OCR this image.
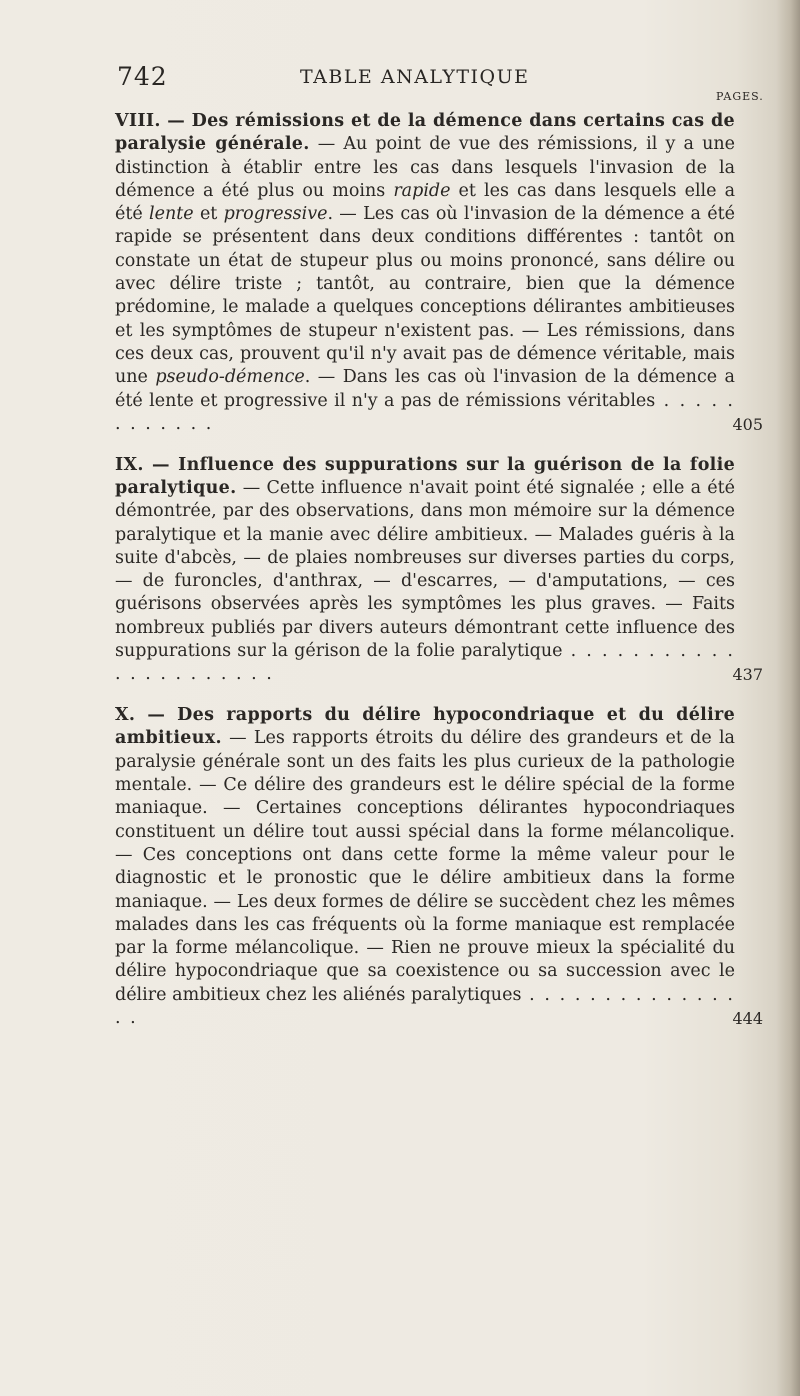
742	TABLE ANALYTIQUE
PAGES.

VIII. — Des rémissions et de la démence dans certains cas de paralysie générale. — Au point de vue des rémissions, il y a une distinction à établir entre les cas dans lesquels l'invasion de la démence a été plus ou moins rapide et les cas dans lesquels elle a été lente et progressive. — Les cas où l'invasion de la démence a été rapide se présentent dans deux conditions différentes : tantôt on constate un état de stupeur plus ou moins prononcé, sans délire ou avec délire triste ; tantôt, au contraire, bien que la démence prédomine, le malade a quelques conceptions délirantes ambitieuses et les symptômes de stupeur n'existent pas. — Les rémissions, dans ces deux cas, prouvent qu'il n'y avait pas de démence véritable, mais une pseudo-démence. — Dans les cas où l'invasion de la démence a été lente et progressive il n'y a pas de rémissions véritables . . . . . . . . . . . .	405

IX. — Influence des suppurations sur la guérison de la folie paralytique. — Cette influence n'avait point été signalée ; elle a été démontrée, par des observations, dans mon mémoire sur la démence paralytique et la manie avec délire ambitieux. — Malades guéris à la suite d'abcès, — de plaies nombreuses sur diverses parties du corps, — de furoncles, d'anthrax, — d'escarres, — d'amputations, — ces guérisons observées après les symptômes les plus graves. — Faits nombreux publiés par divers auteurs démontrant cette influence des suppurations sur la gérison de la folie paralytique . . . . . . . . . . . . . . . . . . . . . .	437

X. — Des rapports du délire hypocondriaque et du délire ambitieux. — Les rapports étroits du délire des grandeurs et de la paralysie générale sont un des faits les plus curieux de la pathologie mentale. — Ce délire des grandeurs est le délire spécial de la forme maniaque. — Certaines conceptions délirantes hypocondriaques constituent un délire tout aussi spécial dans la forme mélancolique. — Ces conceptions ont dans cette forme la même valeur pour le diagnostic et le pronostic que le délire ambitieux dans la forme maniaque. — Les deux formes de délire se succèdent chez les mêmes malades dans les cas fréquents où la forme maniaque est remplacée par la forme mélancolique. — Rien ne prouve mieux la spécialité du délire hypocondriaque que sa coexistence ou sa succession avec le délire ambitieux chez les aliénés paralytiques . . . . . . . . . . . . . . . .	444
